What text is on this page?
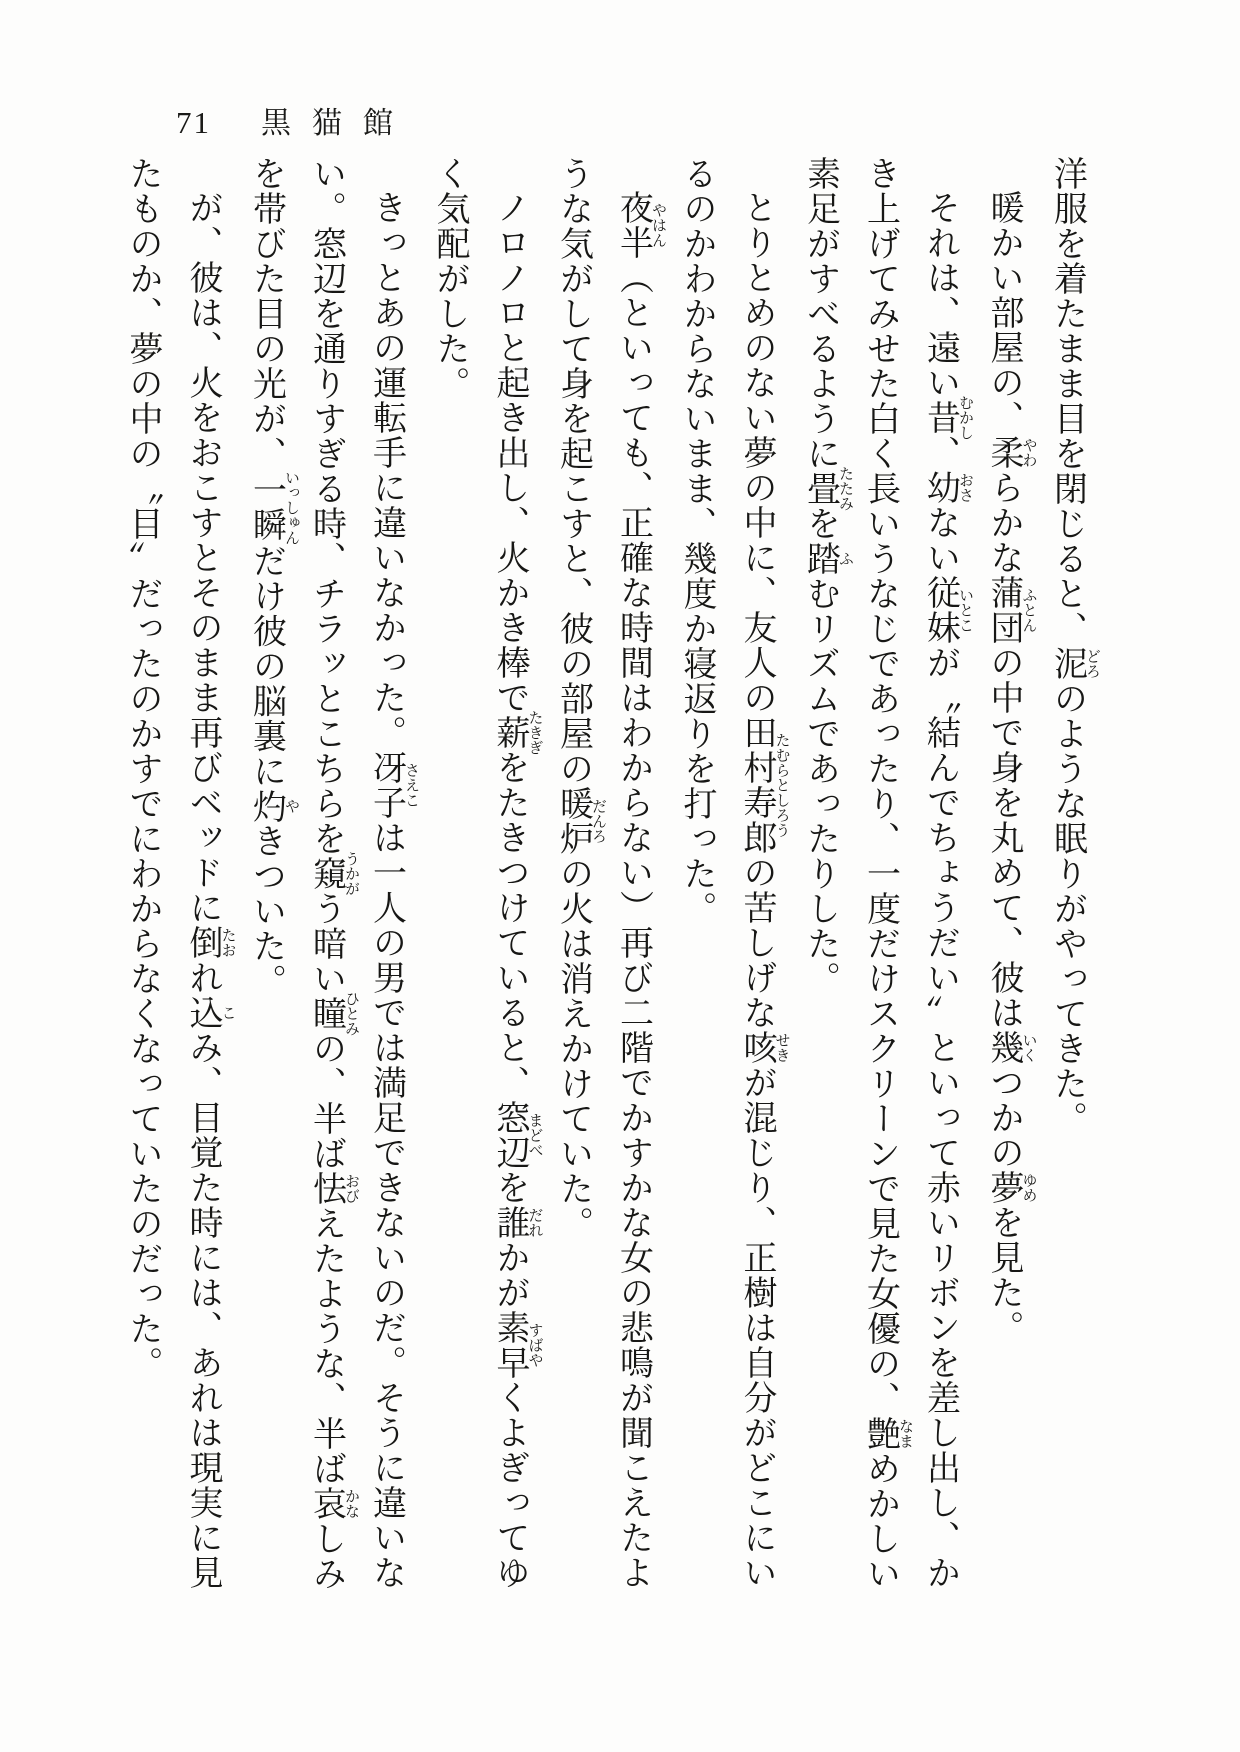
71 黒猫館

洋服を着たまま目を閉じると、泥どろのような眠りがやってきた。

暖かい部屋の、柔やわらかな蒲団ふとんの中で身を丸めて、彼は幾いくつかの夢ゆめを見た。

それは、遠い昔むかし、幼おさない従妹いとこが〝結んでちょうだい〟といって赤いリボンを差し出し、かき上げてみせた白く長いうなじであったり、一度だけスクリーンで見た女優の、艶なまめかしい素足がすべるように畳たたみを踏ふむリズムであったりした。

とりとめのない夢の中に、友人の田村寿郎たむらとしろうの苦しげな咳せきが混じり、正樹は自分がどこにいるのかわからないまま、幾度か寝返りを打った。

夜半やはん（といっても、正確な時間はわからない）再び二階でかすかな女の悲鳴が聞こえたような気がして身を起こすと、彼の部屋の暖炉だんろの火は消えかけていた。

ノロノロと起き出し、火かき棒で薪たきぎをたきつけていると、窓辺まどべを誰だれかが素早すばやくよぎってゆく気配がした。

きっとあの運転手に違いなかった。冴子さえこは一人の男では満足できないのだ。そうに違いない。窓辺を通りすぎる時、チラッとこちらを窺うかがう暗い瞳ひとみの、半ば怯おびえたような、半ば哀かなしみを帯びた目の光が、一瞬いっしゅんだけ彼の脳裏に灼やきついた。

が、彼は、火をおこすとそのまま再びベッドに倒たおれ込こみ、目覚た時には、あれは現実に見たものか、夢の中の〝目〟だったのかすでにわからなくなっていたのだった。
